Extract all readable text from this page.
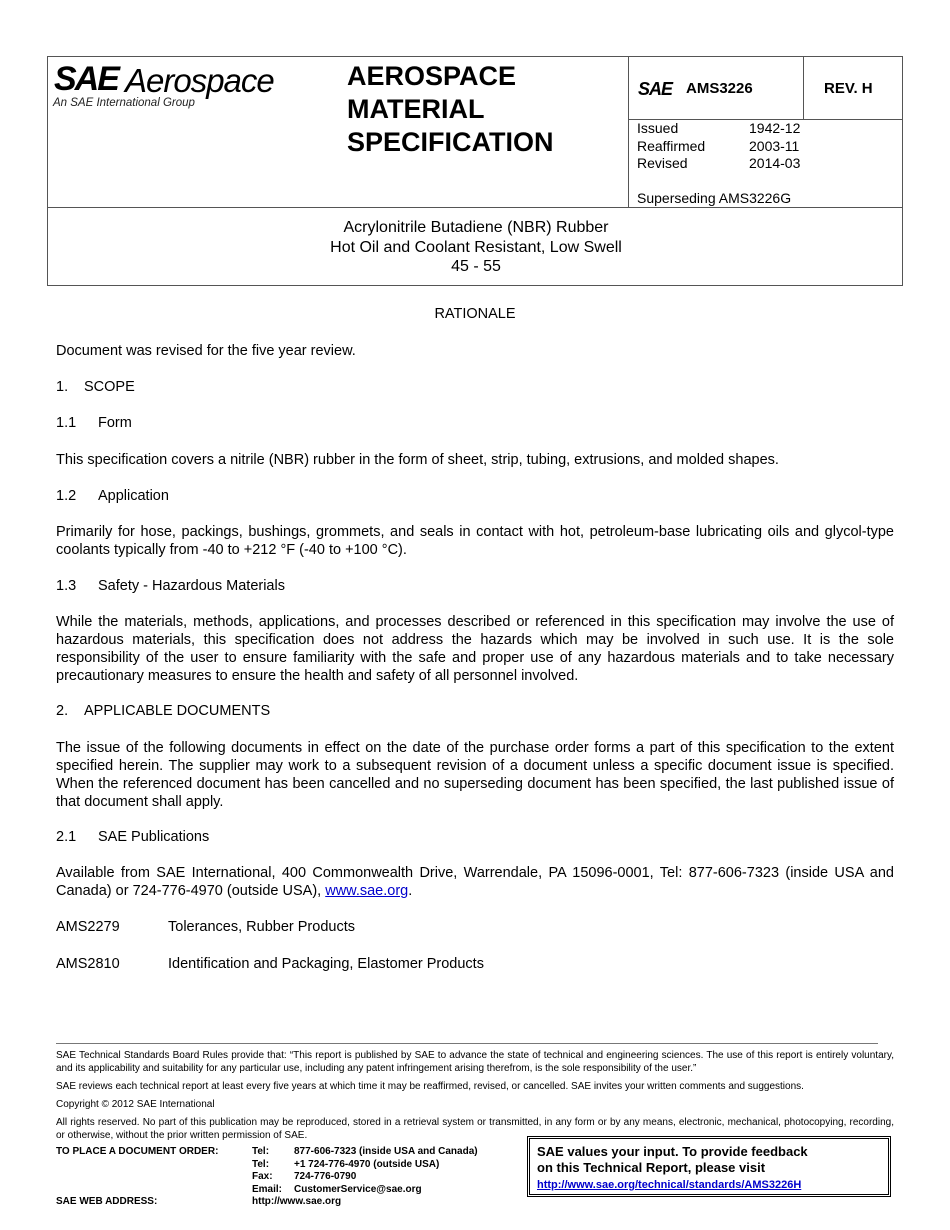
SAE Aerospace
An SAE International Group
AEROSPACE
MATERIAL
SPECIFICATION
SAE AMS3226	REV. H
Issued	1942-12
Reaffirmed	2003-11
Revised	2014-03
Superseding AMS3226G
Acrylonitrile Butadiene (NBR) Rubber
Hot Oil and Coolant Resistant, Low Swell
45 - 55
RATIONALE
Document was revised for the five year review.
1. SCOPE
1.1 Form
This specification covers a nitrile (NBR) rubber in the form of sheet, strip, tubing, extrusions, and molded shapes.
1.2 Application
Primarily for hose, packings, bushings, grommets, and seals in contact with hot, petroleum-base lubricating oils and glycol-type coolants typically from -40 to +212 °F (-40 to +100 °C).
1.3 Safety - Hazardous Materials
While the materials, methods, applications, and processes described or referenced in this specification may involve the use of hazardous materials, this specification does not address the hazards which may be involved in such use. It is the sole responsibility of the user to ensure familiarity with the safe and proper use of any hazardous materials and to take necessary precautionary measures to ensure the health and safety of all personnel involved.
2. APPLICABLE DOCUMENTS
The issue of the following documents in effect on the date of the purchase order forms a part of this specification to the extent specified herein. The supplier may work to a subsequent revision of a document unless a specific document issue is specified. When the referenced document has been cancelled and no superseding document has been specified, the last published issue of that document shall apply.
2.1 SAE Publications
Available from SAE International, 400 Commonwealth Drive, Warrendale, PA 15096-0001, Tel: 877-606-7323 (inside USA and Canada) or 724-776-4970 (outside USA), www.sae.org.
AMS2279	Tolerances, Rubber Products
AMS2810	Identification and Packaging, Elastomer Products
SAE Technical Standards Board Rules provide that: “This report is published by SAE to advance the state of technical and engineering sciences. The use of this report is entirely voluntary, and its applicability and suitability for any particular use, including any patent infringement arising therefrom, is the sole responsibility of the user.”
SAE reviews each technical report at least every five years at which time it may be reaffirmed, revised, or cancelled. SAE invites your written comments and suggestions.
Copyright © 2012 SAE International
All rights reserved. No part of this publication may be reproduced, stored in a retrieval system or transmitted, in any form or by any means, electronic, mechanical, photocopying, recording, or otherwise, without the prior written permission of SAE.
TO PLACE A DOCUMENT ORDER:	Tel: 877-606-7323 (inside USA and Canada)
Tel: +1 724-776-4970 (outside USA)
Fax: 724-776-0790
Email: CustomerService@sae.org
SAE WEB ADDRESS:	http://www.sae.org
SAE values your input. To provide feedback
on this Technical Report, please visit
http://www.sae.org/technical/standards/AMS3226H
